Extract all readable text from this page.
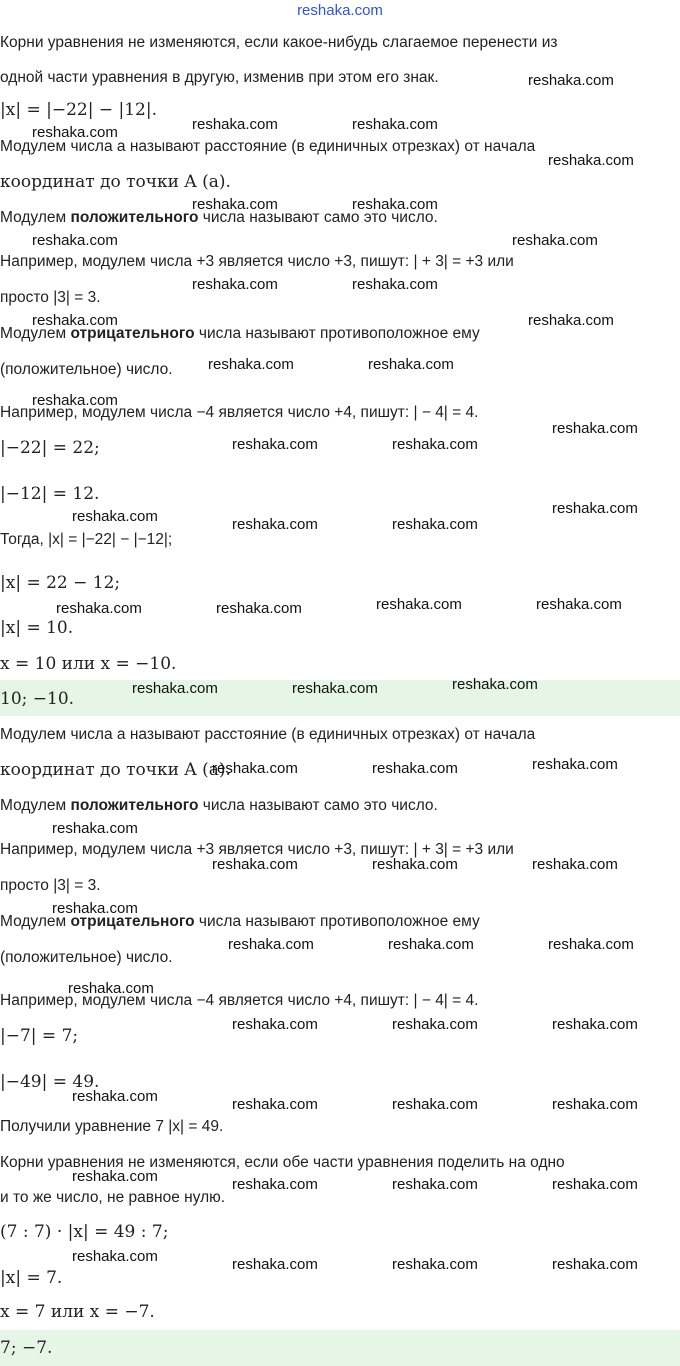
reshaka.com
Корни уравнения не изменяются, если какое-нибудь слагаемое перенести из
одной части уравнения в другую, изменив при этом его знак.
|x| = |−22| − |12|.
Модулем числа a называют расстояние (в единичных отрезках) от начала
координат до точки A (a).
Модулем положительного числа называют само это число.
Например, модулем числа +3 является число +3, пишут: | + 3| = +3 или
просто |3| = 3.
Модулем отрицательного числа называют противоположное ему
(положительное) число.
Например, модулем числа −4 является число +4, пишут: | − 4| = 4.
|−22| = 22;
|−12| = 12.
Тогда, |x| = |−22| − |−12|;
|x| = 22 − 12;
|x| = 10.
x = 10 или x = −10.
10; −10.
Модулем числа a называют расстояние (в единичных отрезках) от начала
координат до точки A (a).
Модулем положительного числа называют само это число.
Например, модулем числа +3 является число +3, пишут: | + 3| = +3 или
просто |3| = 3.
Модулем отрицательного числа называют противоположное ему
(положительное) число.
Например, модулем числа −4 является число +4, пишут: | − 4| = 4.
|−7| = 7;
|−49| = 49.
Получили уравнение 7 |x| = 49.
Корни уравнения не изменяются, если обе части уравнения поделить на одно
и то же число, не равное нулю.
(7 : 7) · |x| = 49 : 7;
|x| = 7.
x = 7 или x = −7.
7; −7.
reshaka.com
reshaka.com	reshaka.com	reshaka.com
reshaka.com
reshaka.com	reshaka.com
reshaka.com	reshaka.com
reshaka.com	reshaka.com
reshaka.com	reshaka.com
reshaka.com	reshaka.com
reshaka.com
reshaka.com
reshaka.com	reshaka.com
reshaka.com
reshaka.com	reshaka.com	reshaka.com
reshaka.com	reshaka.com	reshaka.com	reshaka.com
reshaka.com	reshaka.com	reshaka.com
reshaka.com	reshaka.com	reshaka.com
reshaka.com
reshaka.com	reshaka.com	reshaka.com
reshaka.com
reshaka.com	reshaka.com	reshaka.com
reshaka.com
reshaka.com	reshaka.com	reshaka.com
reshaka.com	reshaka.com	reshaka.com	reshaka.com
reshaka.com	reshaka.com	reshaka.com	reshaka.com
reshaka.com	reshaka.com	reshaka.com	reshaka.com
